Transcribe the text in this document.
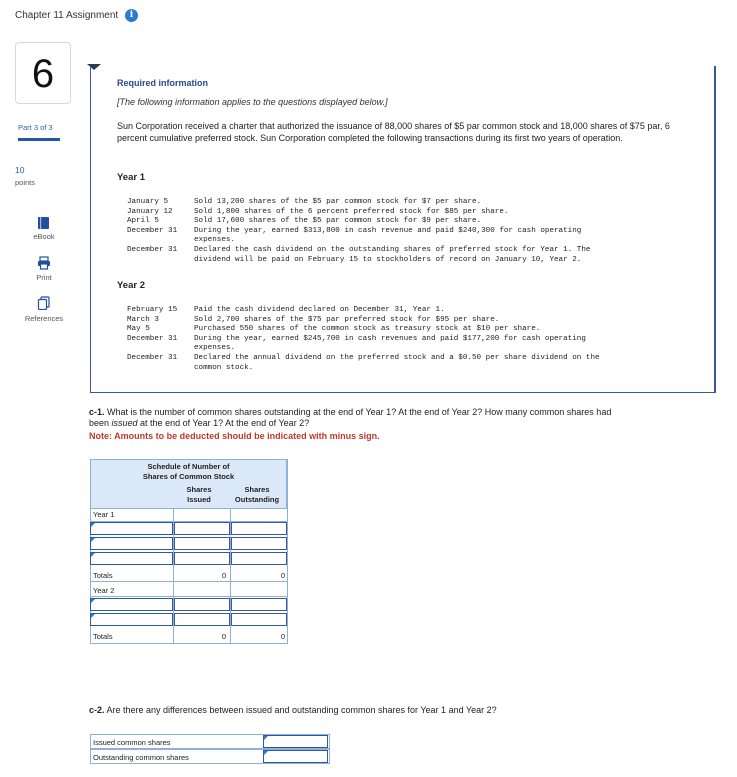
Chapter 11 Assignment	i
6
Part 3 of 3
10
points
eBook
Print
References
Required information
[The following information applies to the questions displayed below.]
Sun Corporation received a charter that authorized the issuance of 88,000 shares of $5 par common stock and 18,000 shares of $75 par, 6 percent cumulative preferred stock. Sun Corporation completed the following transactions during its first two years of operation.
Year 1
January 5	Sold 13,200 shares of the $5 par common stock for $7 per share.
January 12	Sold 1,800 shares of the 6 percent preferred stock for $85 per share.
April 5	Sold 17,600 shares of the $5 par common stock for $9 per share.
December 31 During the year, earned $313,800 in cash revenue and paid $240,300 for cash operating
expenses.
December 31 Declared the cash dividend on the outstanding shares of preferred stock for Year 1. The
dividend will be paid on February 15 to stockholders of record on January 10, Year 2.
Year 2
February 15 Paid the cash dividend declared on December 31, Year 1.
March 3	Sold 2,700 shares of the $75 par preferred stock for $95 per share.
May 5	Purchased 550 shares of the common stock as treasury stock at $10 per share.
December 31 During the year, earned $245,700 in cash revenues and paid $177,200 for cash operating
expenses.
December 31 Declared the annual dividend on the preferred stock and a $0.50 per share dividend on the
common stock.
c-1. What is the number of common shares outstanding at the end of Year 1? At the end of Year 2? How many common shares had
been issued at the end of Year 1? At the end of Year 2?
Note: Amounts to be deducted should be indicated with minus sign.
Schedule of Number of
Shares of Common Stock
Shares
Issued
Shares
Outstanding
Year 1
Totals	0	0
Year 2
Totals	0	0
c-2. Are there any differences between issued and outstanding common shares for Year 1 and Year 2?
Issued common shares
Outstanding common shares
